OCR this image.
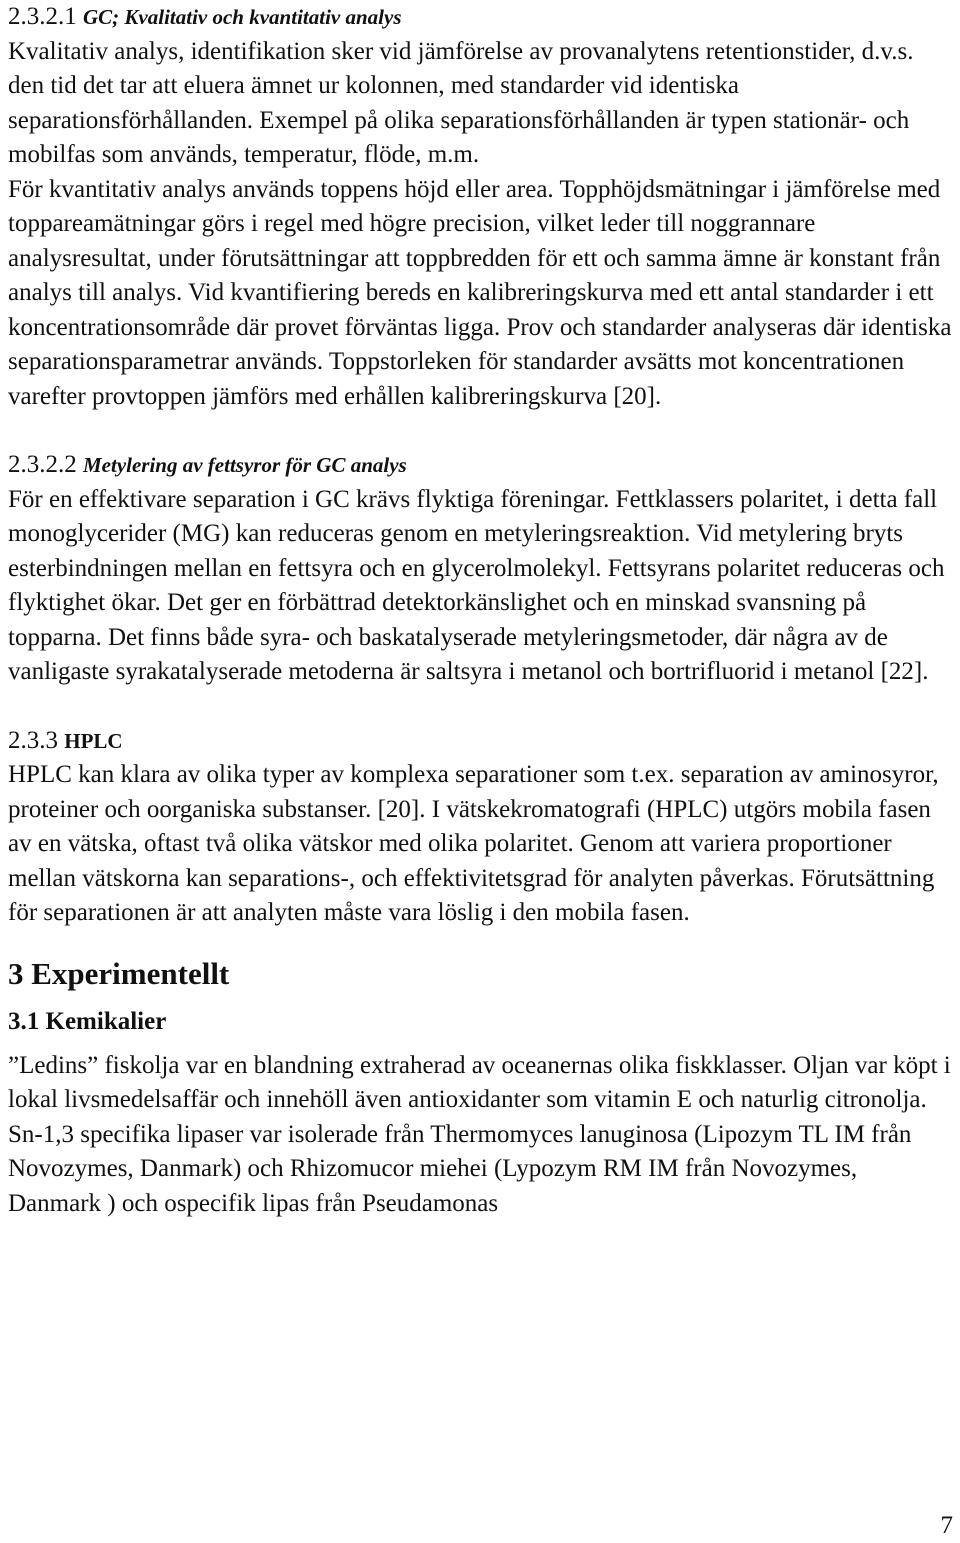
2.3.2.1 GC; Kvalitativ och kvantitativ analys

Kvalitativ analys, identifikation sker vid jämförelse av provanalytens retentionstider, d.v.s. den tid det tar att eluera ämnet ur kolonnen, med standarder vid identiska separationsförhållanden. Exempel på olika separationsförhållanden är typen stationär- och mobilfas som används, temperatur, flöde, m.m.

För kvantitativ analys används toppens höjd eller area. Topphöjdsmätningar i jämförelse med toppareamätningar görs i regel med högre precision, vilket leder till noggrannare analysresultat, under förutsättningar att toppbredden för ett och samma ämne är konstant från analys till analys. Vid kvantifiering bereds en kalibreringskurva med ett antal standarder i ett koncentrationsområde där provet förväntas ligga. Prov och standarder analyseras där identiska separationsparametrar används. Toppstorleken för standarder avsätts mot koncentrationen varefter provtoppen jämförs med erhållen kalibreringskurva [20].

2.3.2.2 Metylering av fettsyror för GC analys

För en effektivare separation i GC krävs flyktiga föreningar. Fettklassers polaritet, i detta fall monoglycerider (MG) kan reduceras genom en metyleringsreaktion. Vid metylering bryts esterbindningen mellan en fettsyra och en glycerolmolekyl. Fettsyrans polaritet reduceras och flyktighet ökar. Det ger en förbättrad detektorkänslighet och en minskad svansning på topparna. Det finns både syra- och baskatalyserade metyleringsmetoder, där några av de vanligaste syrakatalyserade metoderna är saltsyra i metanol och bortrifluorid i metanol [22].

2.3.3 HPLC

HPLC kan klara av olika typer av komplexa separationer som t.ex. separation av aminosyror, proteiner och oorganiska substanser. [20]. I vätskekromatografi (HPLC) utgörs mobila fasen av en vätska, oftast två olika vätskor med olika polaritet. Genom att variera proportioner mellan vätskorna kan separations-, och effektivitetsgrad för analyten påverkas. Förutsättning för separationen är att analyten måste vara löslig i den mobila fasen.

3 Experimentellt

3.1 Kemikalier

”Ledins” fiskolja var en blandning extraherad av oceanernas olika fiskklasser. Oljan var köpt i lokal livsmedelsaffär och innehöll även antioxidanter som vitamin E och naturlig citronolja.

Sn-1,3 specifika lipaser var isolerade från Thermomyces lanuginosa (Lipozym TL IM från Novozymes, Danmark) och Rhizomucor miehei (Lypozym RM IM från Novozymes, Danmark ) och ospecifik lipas från Pseudamonas

7
